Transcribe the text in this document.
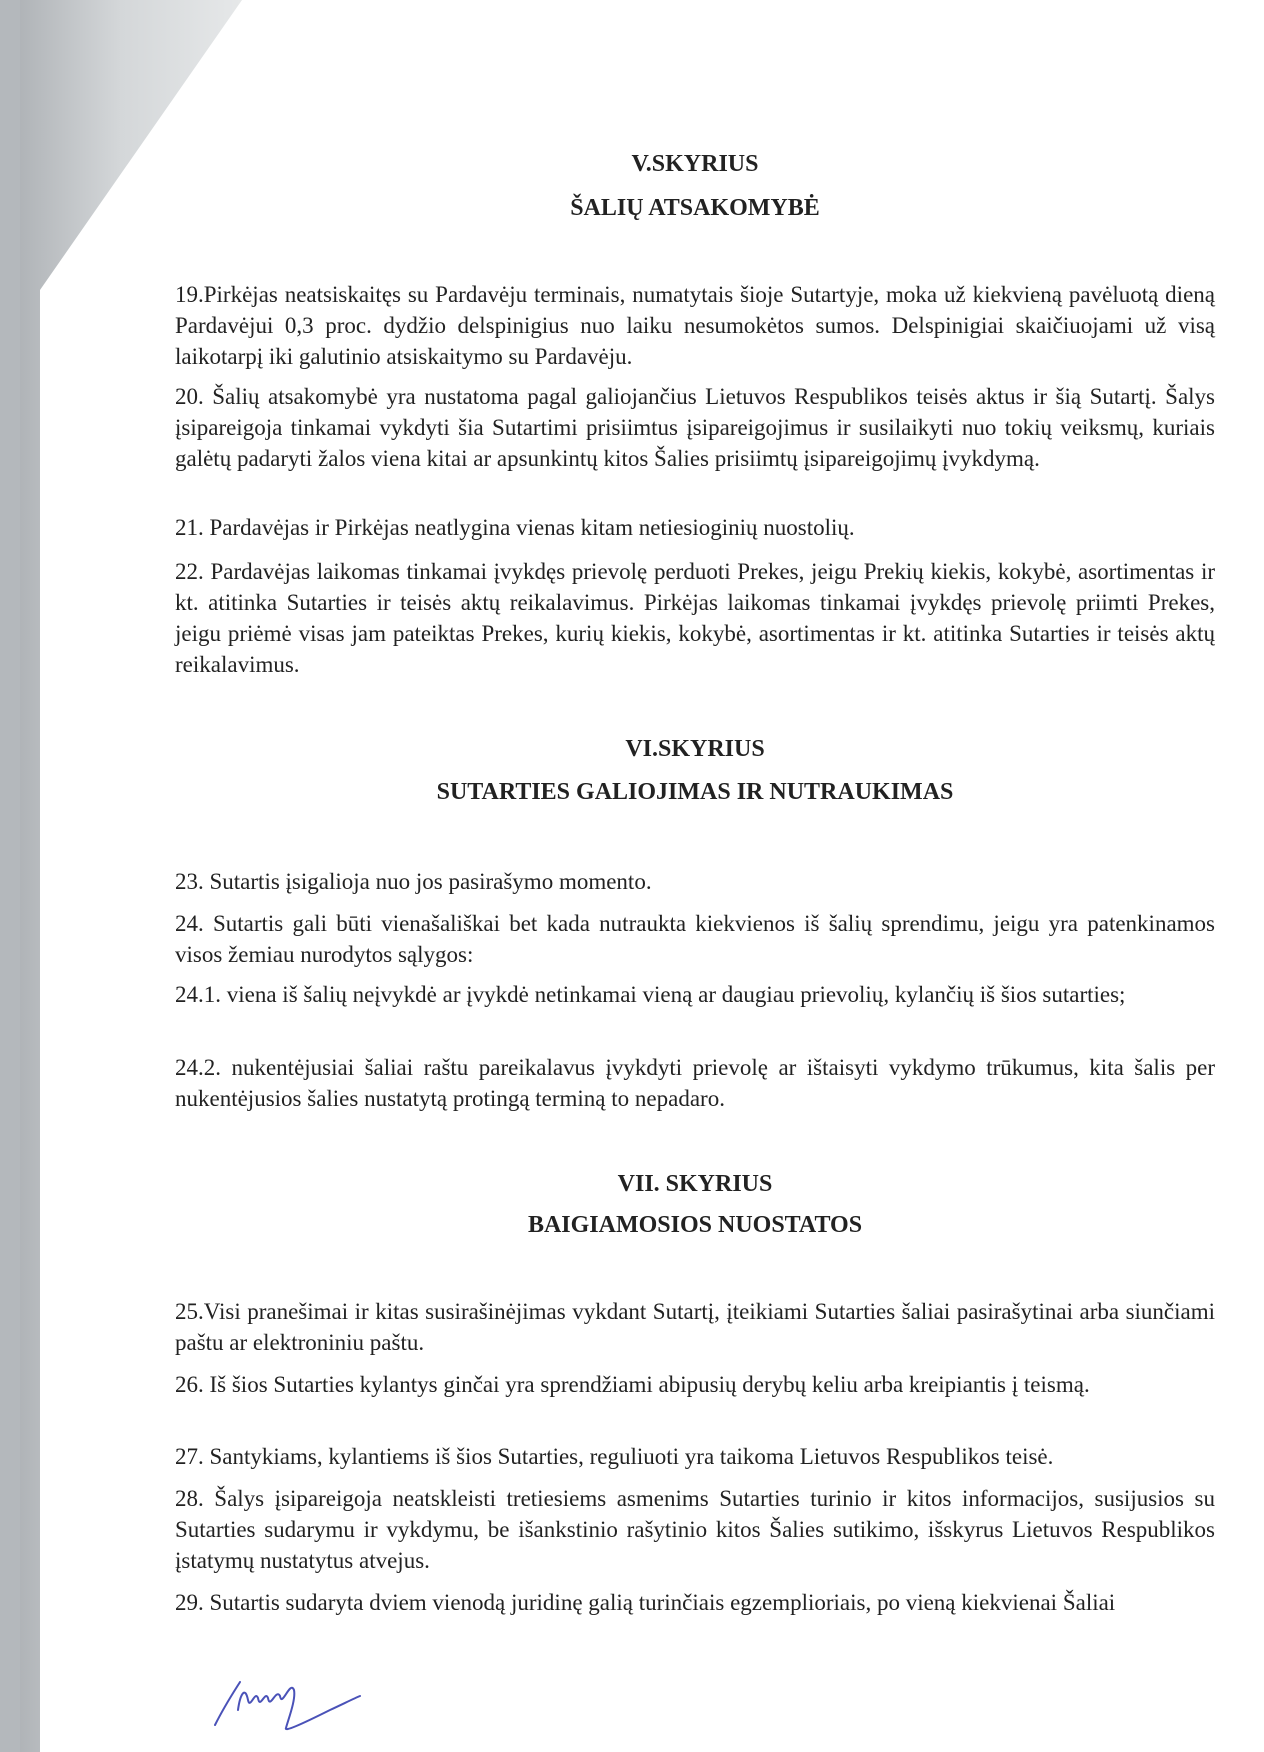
V.SKYRIUS
ŠALIŲ ATSAKOMYBĖ
19.Pirkėjas neatsiskaitęs su Pardavėju terminais, numatytais šioje Sutartyje, moka už kiekvieną pavėluotą dieną Pardavėjui 0,3 proc. dydžio delspinigius nuo laiku nesumokėtos sumos. Delspinigiai skaičiuojami už visą laikotarpį iki galutinio atsiskaitymo su Pardavėju.
20. Šalių atsakomybė yra nustatoma pagal galiojančius Lietuvos Respublikos teisės aktus ir šią Sutartį. Šalys įsipareigoja tinkamai vykdyti šia Sutartimi prisiimtus įsipareigojimus ir susilaikyti nuo tokių veiksmų, kuriais galėtų padaryti žalos viena kitai ar apsunkintų kitos Šalies prisiimtų įsipareigojimų įvykdymą.
21. Pardavėjas ir Pirkėjas neatlygina vienas kitam netiesioginių nuostolių.
22. Pardavėjas laikomas tinkamai įvykdęs prievolę perduoti Prekes, jeigu Prekių kiekis, kokybė, asortimentas ir kt. atitinka Sutarties ir teisės aktų reikalavimus. Pirkėjas laikomas tinkamai įvykdęs prievolę priimti Prekes, jeigu priėmė visas jam pateiktas Prekes, kurių kiekis, kokybė, asortimentas ir kt. atitinka Sutarties ir teisės aktų reikalavimus.
VI.SKYRIUS
SUTARTIES GALIOJIMAS IR NUTRAUKIMAS
23. Sutartis įsigalioja nuo jos pasirašymo momento.
24. Sutartis gali būti vienašališkai bet kada nutraukta kiekvienos iš šalių sprendimu, jeigu yra patenkinamos visos žemiau nurodytos sąlygos:
24.1. viena iš šalių neįvykdė ar įvykdė netinkamai vieną ar daugiau prievolių, kylančių iš šios sutarties;
24.2. nukentėjusiai šaliai raštu pareikalavus įvykdyti prievolę ar ištaisyti vykdymo trūkumus, kita šalis per nukentėjusios šalies nustatytą protingą terminą to nepadaro.
VII. SKYRIUS
BAIGIAMOSIOS NUOSTATOS
25.Visi pranešimai ir kitas susirašinėjimas vykdant Sutartį, įteikiami Sutarties šaliai pasirašytinai arba siunčiami paštu ar elektroniniu paštu.
26. Iš šios Sutarties kylantys ginčai yra sprendžiami abipusių derybų keliu arba kreipiantis į teismą.
27. Santykiams, kylantiems iš šios Sutarties, reguliuoti yra taikoma Lietuvos Respublikos teisė.
28. Šalys įsipareigoja neatskleisti tretiesiems asmenims Sutarties turinio ir kitos informacijos, susijusios su Sutarties sudarymu ir vykdymu, be išankstinio rašytinio kitos Šalies sutikimo, išskyrus Lietuvos Respublikos įstatymų nustatytus atvejus.
29. Sutartis sudaryta dviem vienodą juridinę galią turinčiais egzemplioriais, po vieną kiekvienai Šaliai
